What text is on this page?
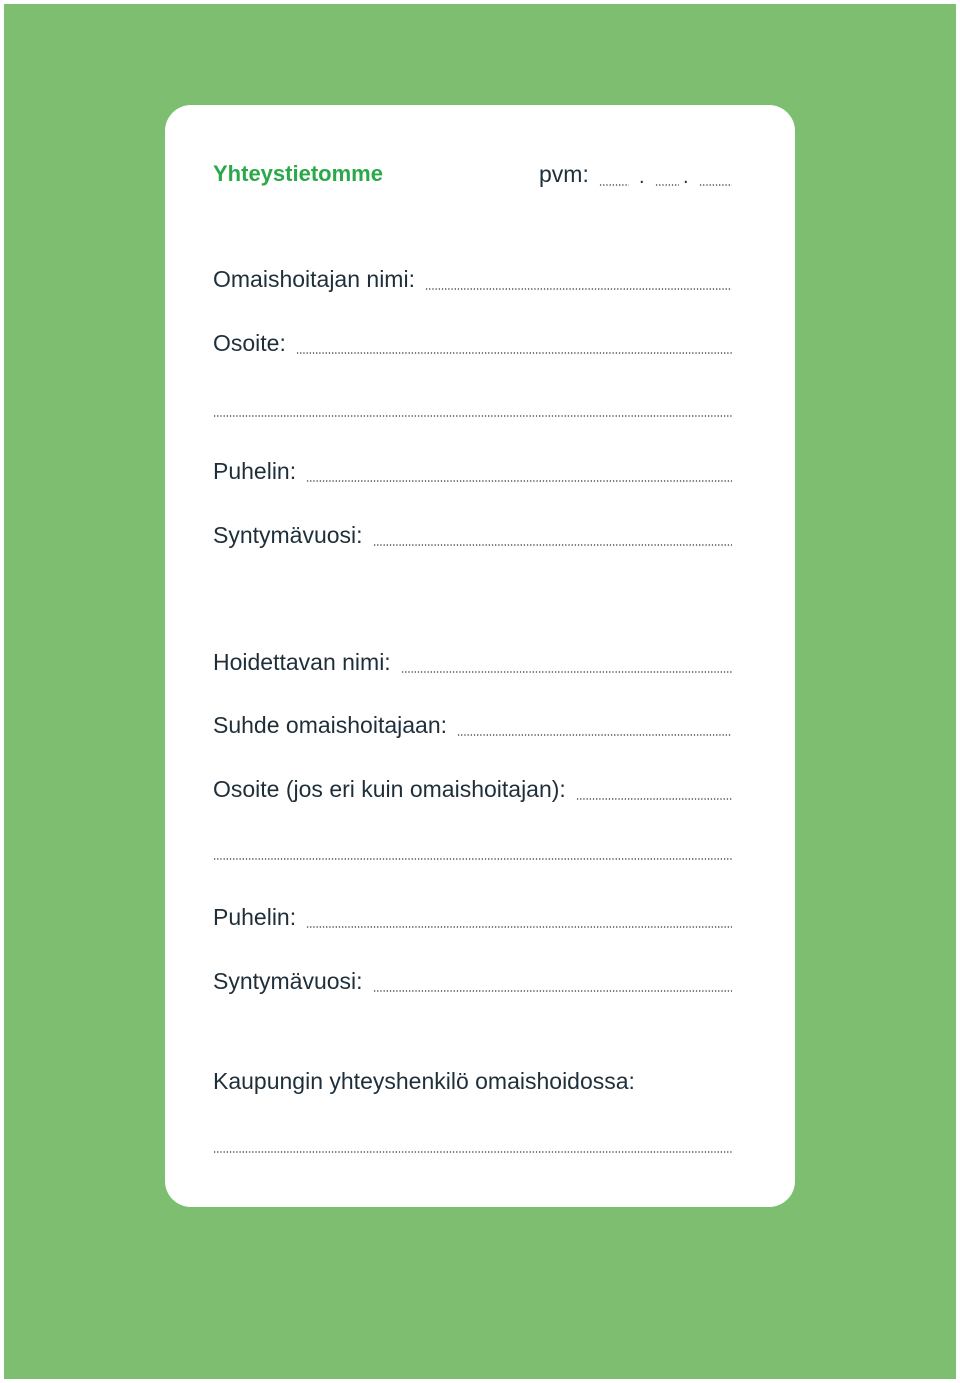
Yhteystietomme	pvm:	. .
Omaishoitajan nimi:
Osoite:
Puhelin:
Syntymävuosi:
Hoidettavan nimi:
Suhde omaishoitajaan:
Osoite (jos eri kuin omaishoitajan):
Puhelin:
Syntymävuosi:
Kaupungin yhteyshenkilö omaishoidossa:
